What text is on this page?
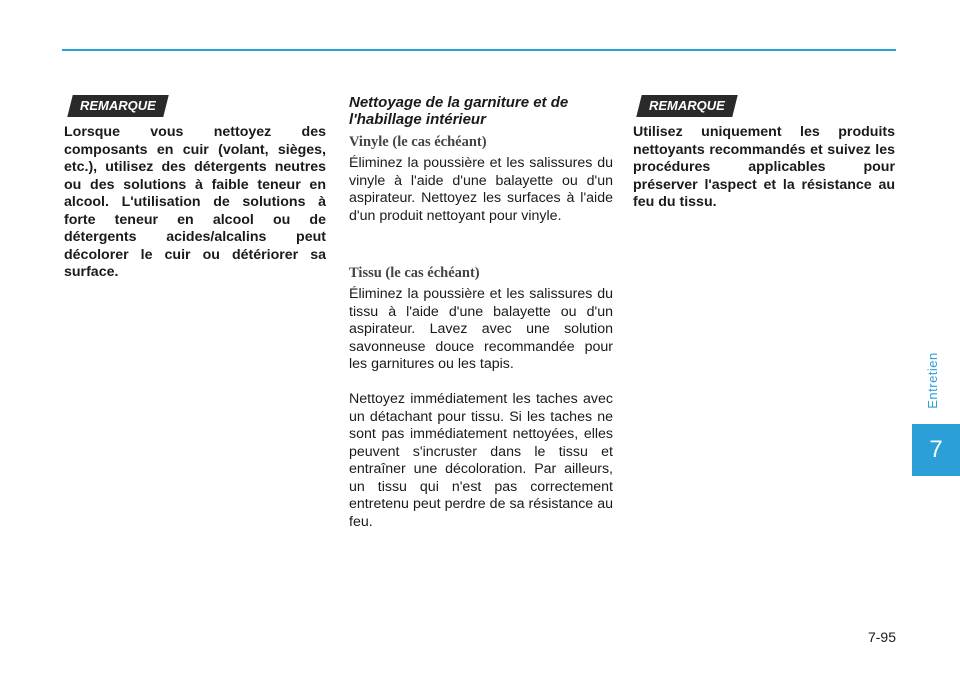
REMARQUE

Lorsque vous nettoyez des composants en cuir (volant, sièges, etc.), utilisez des détergents neutres ou des solutions à faible teneur en alcool. L'utilisation de solutions à forte teneur en alcool ou de détergents acides/alcalins peut décolorer le cuir ou détériorer sa surface.

Nettoyage de la garniture et de l'habillage intérieur

Vinyle (le cas échéant)

Éliminez la poussière et les salissures du vinyle à l'aide d'une balayette ou d'un aspirateur. Nettoyez les surfaces à l'aide d'un produit nettoyant pour vinyle.

Tissu (le cas échéant)

Éliminez la poussière et les salissures du tissu à l'aide d'une balayette ou d'un aspirateur. Lavez avec une solution savonneuse douce recommandée pour les garnitures ou les tapis.

Nettoyez immédiatement les taches avec un détachant pour tissu. Si les taches ne sont pas immédiatement nettoyées, elles peuvent s'incruster dans le tissu et entraîner une décoloration. Par ailleurs, un tissu qui n'est pas correctement entretenu peut perdre de sa résistance au feu.

REMARQUE

Utilisez uniquement les produits nettoyants recommandés et suivez les procédures applicables pour préserver l'aspect et la résistance au feu du tissu.

Entretien
7
7-95
